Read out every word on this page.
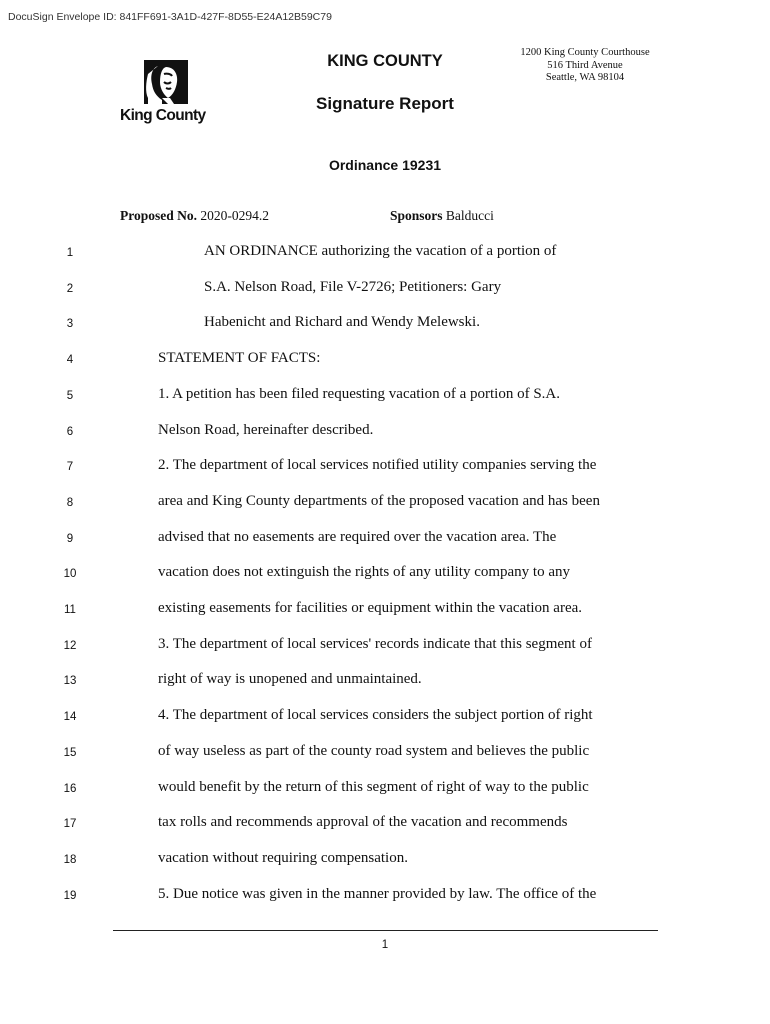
DocuSign Envelope ID: 841FF691-3A1D-427F-8D55-E24A12B59C79
King County
KING COUNTY
Signature Report
1200 King County Courthouse
516 Third Avenue
Seattle, WA 98104
Ordinance 19231
Proposed No. 2020-0294.2	Sponsors Balducci
1	AN ORDINANCE authorizing the vacation of a portion of
2	S.A. Nelson Road, File V-2726; Petitioners: Gary
3	Habenicht and Richard and Wendy Melewski.
4	STATEMENT OF FACTS:
5	1. A petition has been filed requesting vacation of a portion of S.A.
6	Nelson Road, hereinafter described.
7	2. The department of local services notified utility companies serving the
8	area and King County departments of the proposed vacation and has been
9	advised that no easements are required over the vacation area. The
10	vacation does not extinguish the rights of any utility company to any
11	existing easements for facilities or equipment within the vacation area.
12	3. The department of local services' records indicate that this segment of
13	right of way is unopened and unmaintained.
14	4. The department of local services considers the subject portion of right
15	of way useless as part of the county road system and believes the public
16	would benefit by the return of this segment of right of way to the public
17	tax rolls and recommends approval of the vacation and recommends
18	vacation without requiring compensation.
19	5. Due notice was given in the manner provided by law. The office of the
1
